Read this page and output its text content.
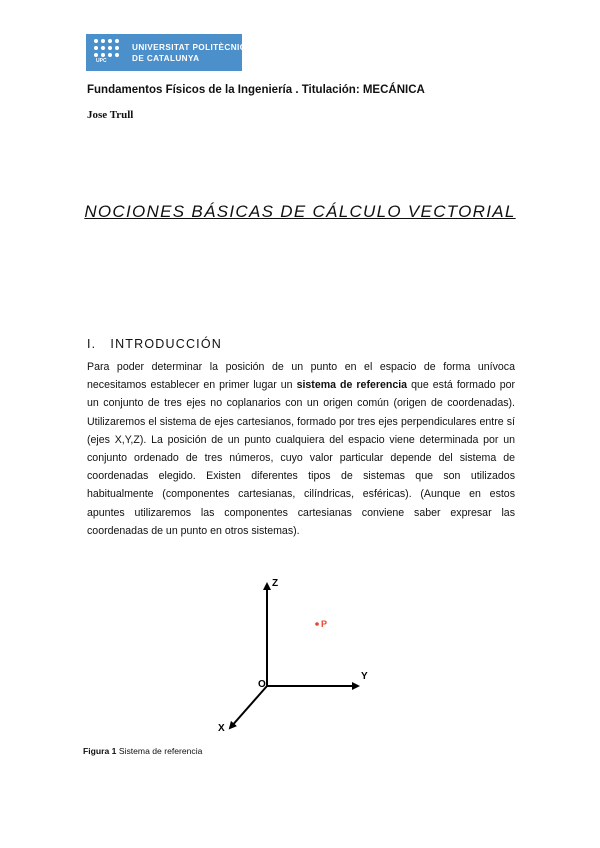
UPC
UNIVERSITAT POLITÈCNICA
DE CATALUNYA
Fundamentos Físicos de la Ingeniería . Titulación: MECÁNICA
Jose Trull
NOCIONES BÁSICAS DE CÁLCULO VECTORIAL
I. INTRODUCCIÓN
Para poder determinar la posición de un punto en el espacio de forma unívoca necesitamos establecer en primer lugar un sistema de referencia que está formado por un conjunto de tres ejes no coplanarios con un origen común (origen de coordenadas). Utilizaremos el sistema de ejes cartesianos, formado por tres ejes perpendiculares entre sí (ejes X,Y,Z). La posición de un punto cualquiera del espacio viene determinada por un conjunto ordenado de tres números, cuyo valor particular depende del sistema de coordenadas elegido. Existen diferentes tipos de sistemas que son utilizados habitualmente (componentes cartesianas, cilíndricas, esféricas). (Aunque en estos apuntes utilizaremos las componentes cartesianas conviene saber expresar las coordenadas de un punto en otros sistemas).
Z
Y
X
O
P
Figura 1 Sistema de referencia
